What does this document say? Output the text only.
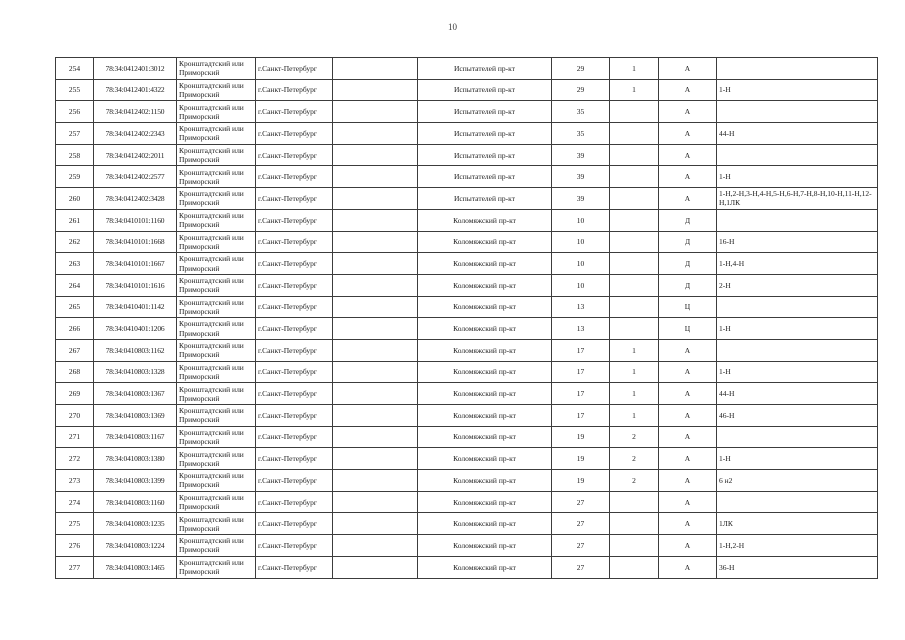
10
254	78:34:0412401:3012	Кронштадтский или Приморский	г.Санкт-Петербург		Испытателей пр-кт	29	1	А	
255	78:34:0412401:4322	Кронштадтский или Приморский	г.Санкт-Петербург		Испытателей пр-кт	29	1	А	1-Н
256	78:34:0412402:1150	Кронштадтский или Приморский	г.Санкт-Петербург		Испытателей пр-кт	35		А	
257	78:34:0412402:2343	Кронштадтский или Приморский	г.Санкт-Петербург		Испытателей пр-кт	35		А	44-Н
258	78:34:0412402:2011	Кронштадтский или Приморский	г.Санкт-Петербург		Испытателей пр-кт	39		А	
259	78:34:0412402:2577	Кронштадтский или Приморский	г.Санкт-Петербург		Испытателей пр-кт	39		А	1-Н
260	78:34:0412402:3428	Кронштадтский или Приморский	г.Санкт-Петербург		Испытателей пр-кт	39		А	1-Н,2-Н,3-Н,4-Н,5-Н,6-Н,7-Н,8-Н,10-Н,11-Н,12-Н,1ЛК
261	78:34:0410101:1160	Кронштадтский или Приморский	г.Санкт-Петербург		Коломяжский пр-кт	10		Д	
262	78:34:0410101:1668	Кронштадтский или Приморский	г.Санкт-Петербург		Коломяжский пр-кт	10		Д	16-Н
263	78:34:0410101:1667	Кронштадтский или Приморский	г.Санкт-Петербург		Коломяжский пр-кт	10		Д	1-Н,4-Н
264	78:34:0410101:1616	Кронштадтский или Приморский	г.Санкт-Петербург		Коломяжский пр-кт	10		Д	2-Н
265	78:34:0410401:1142	Кронштадтский или Приморский	г.Санкт-Петербург		Коломяжский пр-кт	13		Ц	
266	78:34:0410401:1206	Кронштадтский или Приморский	г.Санкт-Петербург		Коломяжский пр-кт	13		Ц	1-Н
267	78:34:0410803:1162	Кронштадтский или Приморский	г.Санкт-Петербург		Коломяжский пр-кт	17	1	А	
268	78:34:0410803:1328	Кронштадтский или Приморский	г.Санкт-Петербург		Коломяжский пр-кт	17	1	А	1-Н
269	78:34:0410803:1367	Кронштадтский или Приморский	г.Санкт-Петербург		Коломяжский пр-кт	17	1	А	44-Н
270	78:34:0410803:1369	Кронштадтский или Приморский	г.Санкт-Петербург		Коломяжский пр-кт	17	1	А	46-Н
271	78:34:0410803:1167	Кронштадтский или Приморский	г.Санкт-Петербург		Коломяжский пр-кт	19	2	А	
272	78:34:0410803:1380	Кронштадтский или Приморский	г.Санкт-Петербург		Коломяжский пр-кт	19	2	А	1-Н
273	78:34:0410803:1399	Кронштадтский или Приморский	г.Санкт-Петербург		Коломяжский пр-кт	19	2	А	6 н2
274	78:34:0410803:1160	Кронштадтский или Приморский	г.Санкт-Петербург		Коломяжский пр-кт	27		А	
275	78:34:0410803:1235	Кронштадтский или Приморский	г.Санкт-Петербург		Коломяжский пр-кт	27		А	1ЛК
276	78:34:0410803:1224	Кронштадтский или Приморский	г.Санкт-Петербург		Коломяжский пр-кт	27		А	1-Н,2-Н
277	78:34:0410803:1465	Кронштадтский или Приморский	г.Санкт-Петербург		Коломяжский пр-кт	27		А	36-Н
